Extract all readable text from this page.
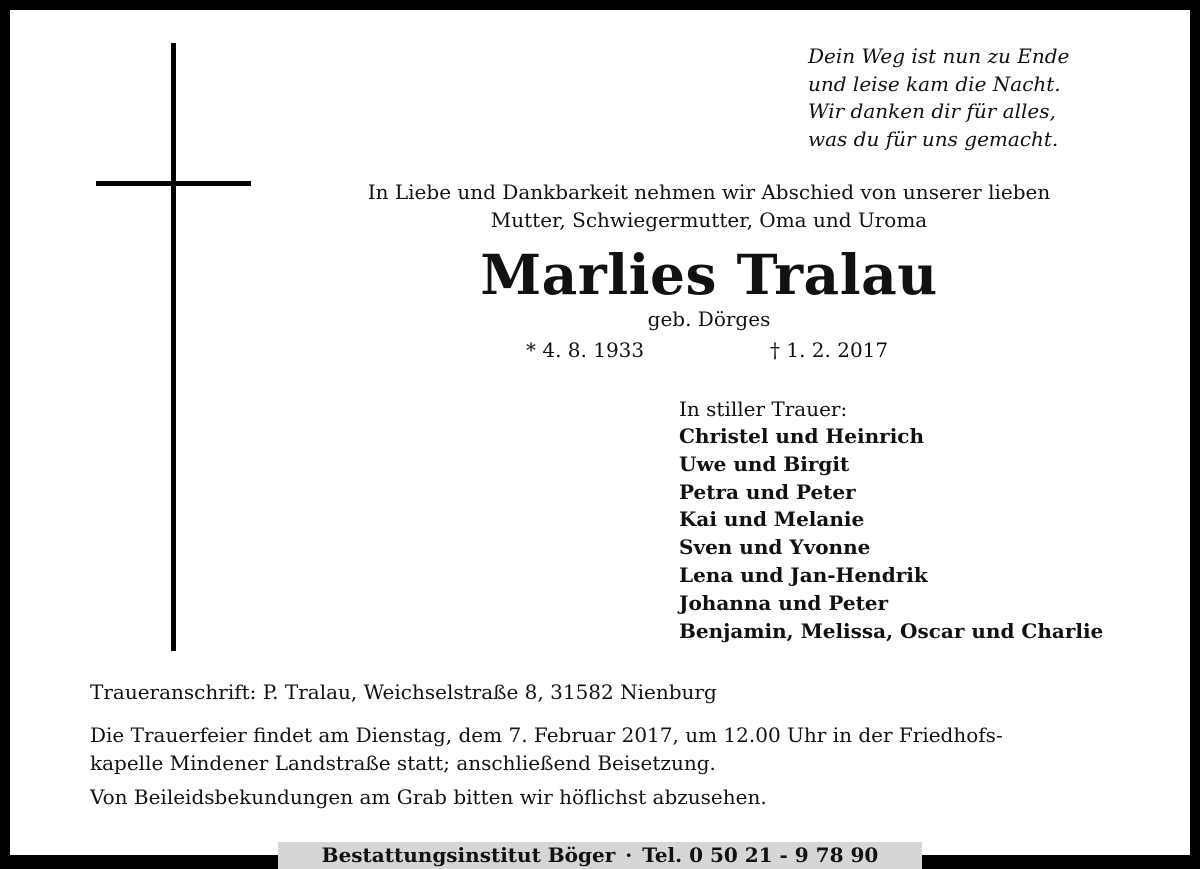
Dein Weg ist nun zu Ende
und leise kam die Nacht.
Wir danken dir für alles,
was du für uns gemacht.
In Liebe und Dankbarkeit nehmen wir Abschied von unserer lieben
Mutter, Schwiegermutter, Oma und Uroma
Marlies Tralau
geb. Dörges
* 4. 8. 1933	† 1. 2. 2017
In stiller Trauer:
Christel und Heinrich
Uwe und Birgit
Petra und Peter
Kai und Melanie
Sven und Yvonne
Lena und Jan-Hendrik
Johanna und Peter
Benjamin, Melissa, Oscar und Charlie
Traueranschrift: P. Tralau, Weichselstraße 8, 31582 Nienburg
Die Trauerfeier findet am Dienstag, dem 7. Februar 2017, um 12.00 Uhr in der Friedhofs-
kapelle Mindener Landstraße statt; anschließend Beisetzung.
Von Beileidsbekundungen am Grab bitten wir höflichst abzusehen.
Bestattungsinstitut Böger · Tel. 0 50 21 - 9 78 90
